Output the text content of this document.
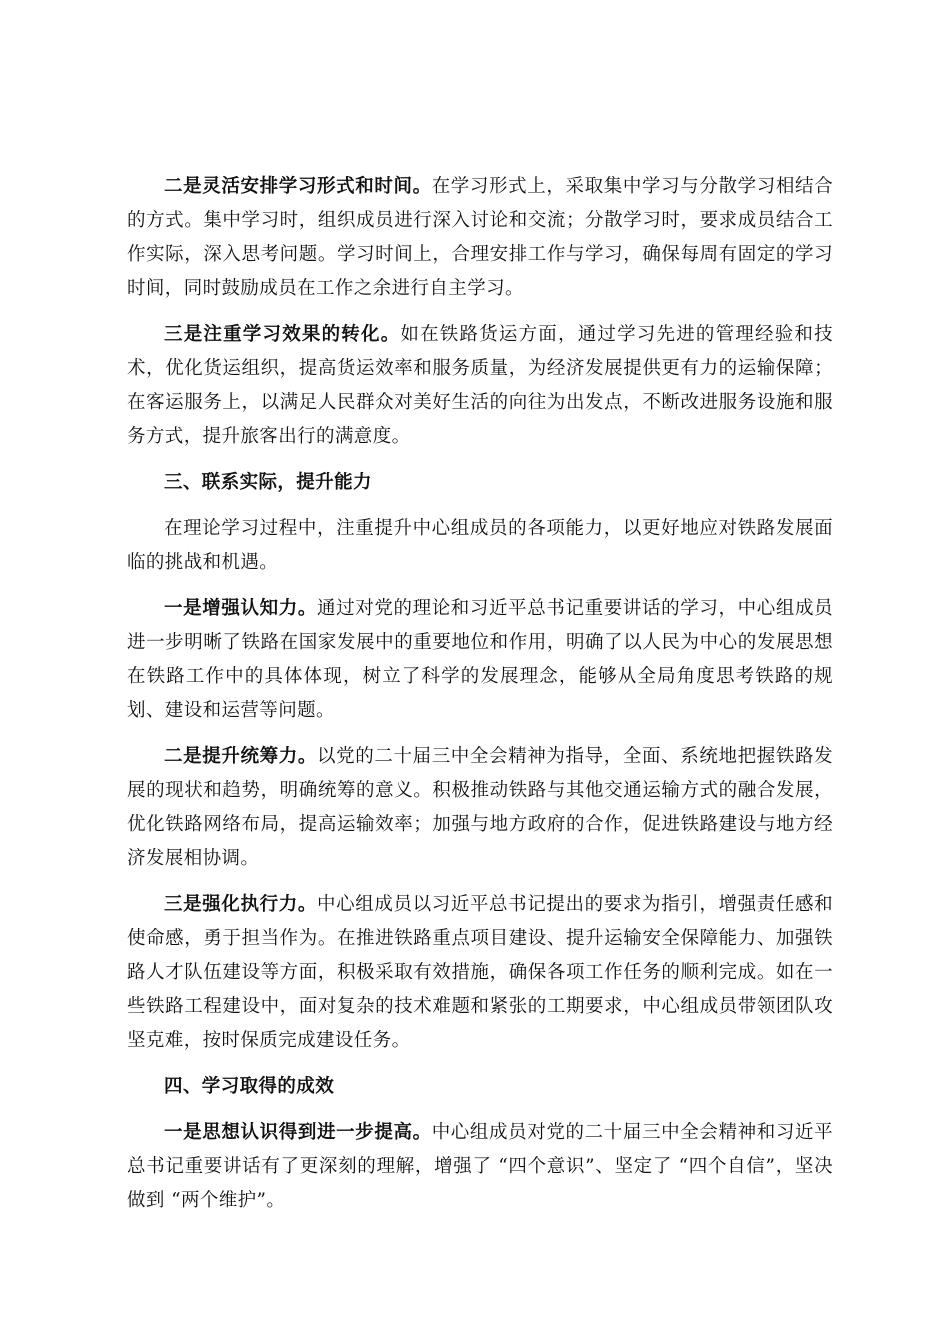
二是灵活安排学习形式和时间。在学习形式上，采取集中学习与分散学习相结合的方式。集中学习时，组织成员进行深入讨论和交流；分散学习时，要求成员结合工作实际，深入思考问题。学习时间上，合理安排工作与学习，确保每周有固定的学习时间，同时鼓励成员在工作之余进行自主学习。

三是注重学习效果的转化。如在铁路货运方面，通过学习先进的管理经验和技术，优化货运组织，提高货运效率和服务质量，为经济发展提供更有力的运输保障；在客运服务上，以满足人民群众对美好生活的向往为出发点，不断改进服务设施和服务方式，提升旅客出行的满意度。

三、联系实际，提升能力

在理论学习过程中，注重提升中心组成员的各项能力，以更好地应对铁路发展面临的挑战和机遇。

一是增强认知力。通过对党的理论和习近平总书记重要讲话的学习，中心组成员进一步明晰了铁路在国家发展中的重要地位和作用，明确了以人民为中心的发展思想在铁路工作中的具体体现，树立了科学的发展理念，能够从全局角度思考铁路的规划、建设和运营等问题。

二是提升统筹力。以党的二十届三中全会精神为指导，全面、系统地把握铁路发展的现状和趋势，明确统筹的意义。积极推动铁路与其他交通运输方式的融合发展，优化铁路网络布局，提高运输效率；加强与地方政府的合作，促进铁路建设与地方经济发展相协调。

三是强化执行力。中心组成员以习近平总书记提出的要求为指引，增强责任感和使命感，勇于担当作为。在推进铁路重点项目建设、提升运输安全保障能力、加强铁路人才队伍建设等方面，积极采取有效措施，确保各项工作任务的顺利完成。如在一些铁路工程建设中，面对复杂的技术难题和紧张的工期要求，中心组成员带领团队攻坚克难，按时保质完成建设任务。

四、学习取得的成效

一是思想认识得到进一步提高。中心组成员对党的二十届三中全会精神和习近平总书记重要讲话有了更深刻的理解，增强了 “四个意识”、坚定了 “四个自信”，坚决做到 “两个维护”。
